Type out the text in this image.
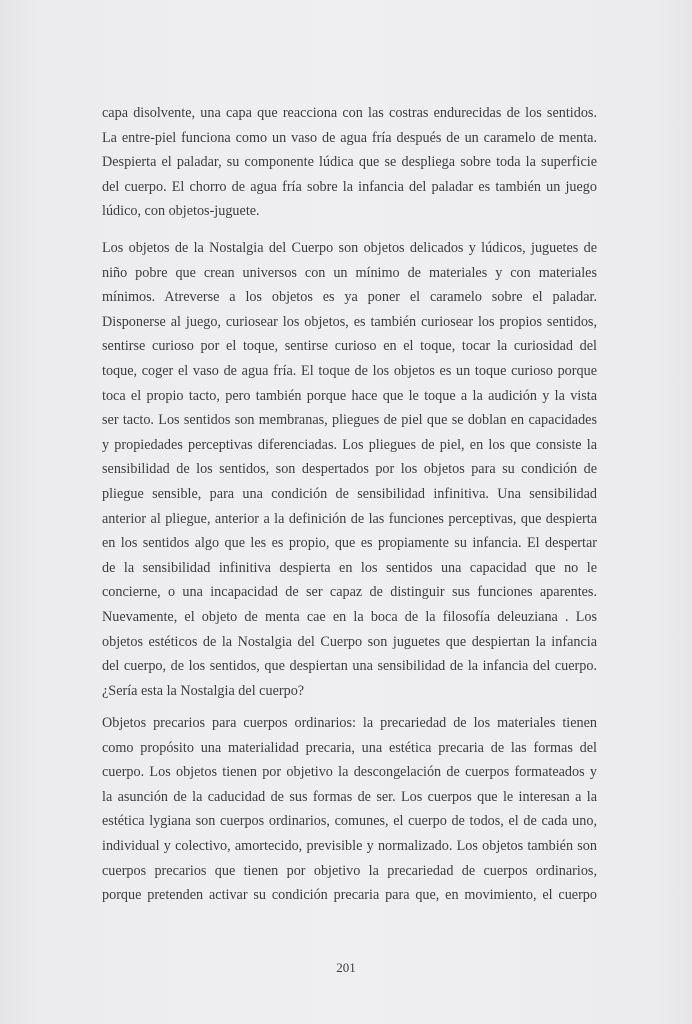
capa disolvente, una capa que reacciona con las costras endurecidas de los sentidos.
La entre-piel funciona como un vaso de agua fría después de un caramelo de menta.
Despierta el paladar, su componente lúdica que se despliega sobre toda la superficie
del cuerpo. El chorro de agua fría sobre la infancia del paladar es también un juego
lúdico, con objetos-juguete.
Los objetos de la Nostalgia del Cuerpo son objetos delicados y lúdicos, juguetes de
niño pobre que crean universos con un mínimo de materiales y con materiales
mínimos. Atreverse a los objetos es ya poner el caramelo sobre el paladar.
Disponerse al juego, curiosear los objetos, es también curiosear los propios sentidos,
sentirse curioso por el toque, sentirse curioso en el toque, tocar la curiosidad del
toque, coger el vaso de agua fría. El toque de los objetos es un toque curioso porque
toca el propio tacto, pero también porque hace que le toque a la audición y la vista
ser tacto. Los sentidos son membranas, pliegues de piel que se doblan en capacidades
y propiedades perceptivas diferenciadas. Los pliegues de piel, en los que consiste la
sensibilidad de los sentidos, son despertados por los objetos para su condición de
pliegue sensible, para una condición de sensibilidad infinitiva. Una sensibilidad
anterior al pliegue, anterior a la definición de las funciones perceptivas, que despierta
en los sentidos algo que les es propio, que es propiamente su infancia. El despertar
de la sensibilidad infinitiva despierta en los sentidos una capacidad que no le
concierne, o una incapacidad de ser capaz de distinguir sus funciones aparentes.
Nuevamente, el objeto de menta cae en la boca de la filosofía deleuziana . Los
objetos estéticos de la Nostalgia del Cuerpo son juguetes que despiertan la infancia
del cuerpo, de los sentidos, que despiertan una sensibilidad de la infancia del cuerpo.
¿Sería esta la Nostalgia del cuerpo?
Objetos precarios para cuerpos ordinarios: la precariedad de los materiales tienen
como propósito una materialidad precaria, una estética precaria de las formas del
cuerpo. Los objetos tienen por objetivo la descongelación de cuerpos formateados y
la asunción de la caducidad de sus formas de ser. Los cuerpos que le interesan a la
estética lygiana son cuerpos ordinarios, comunes, el cuerpo de todos, el de cada uno,
individual y colectivo, amortecido, previsible y normalizado. Los objetos también son
cuerpos precarios que tienen por objetivo la precariedad de cuerpos ordinarios,
porque pretenden activar su condición precaria para que, en movimiento, el cuerpo
201
